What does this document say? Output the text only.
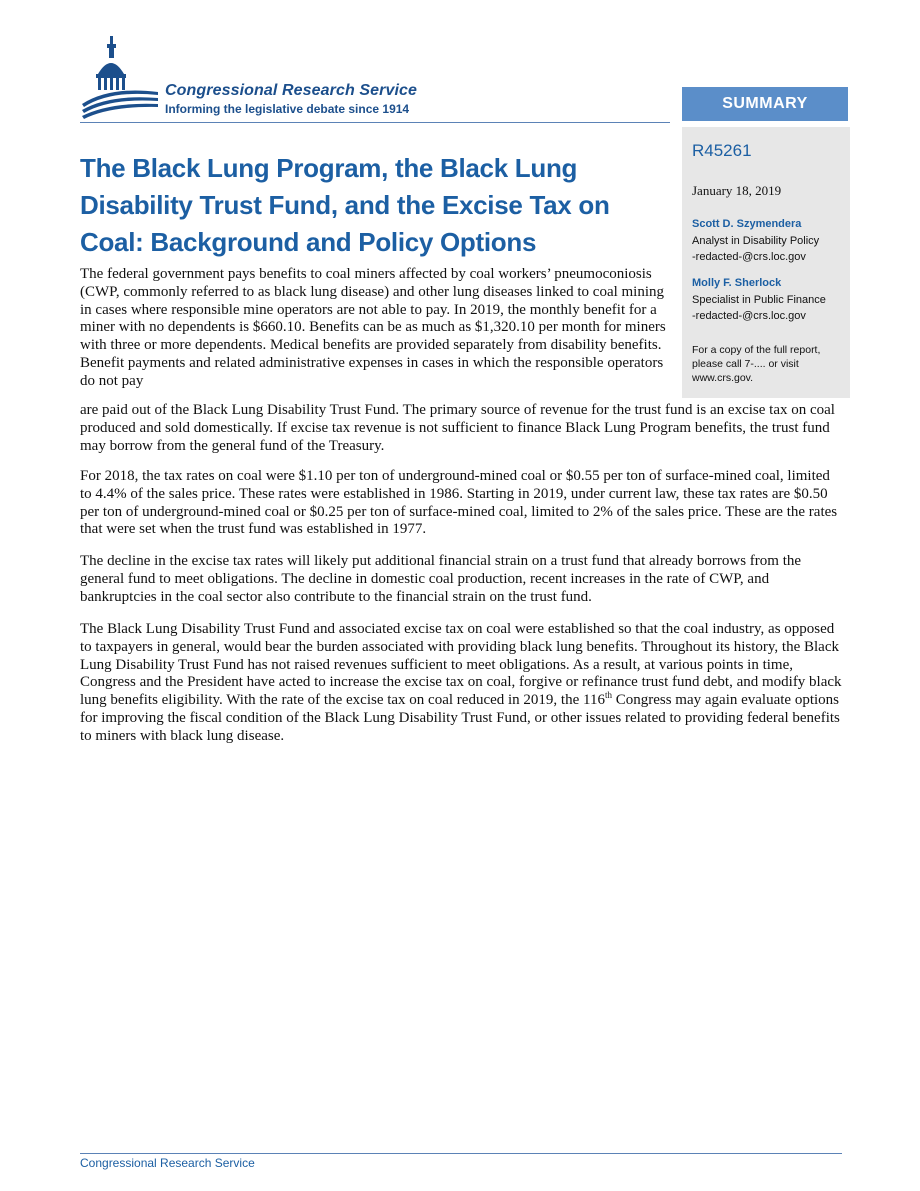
Congressional Research Service
Informing the legislative debate since 1914	SUMMARY
R45261
January 18, 2019
Scott D. Szymendera
Analyst in Disability Policy
-redacted-@crs.loc.gov
Molly F. Sherlock
Specialist in Public Finance
-redacted-@crs.loc.gov
For a copy of the full report, please call 7-.... or visit www.crs.gov.
The Black Lung Program, the Black Lung
Disability Trust Fund, and the Excise Tax on
Coal: Background and Policy Options
The federal government pays benefits to coal miners affected by coal workers’ pneumoconiosis (CWP, commonly referred to as black lung disease) and other lung diseases linked to coal mining in cases where responsible mine operators are not able to pay. In 2019, the monthly benefit for a miner with no dependents is $660.10. Benefits can be as much as $1,320.10 per month for miners with three or more dependents. Medical benefits are provided separately from disability benefits. Benefit payments and related administrative expenses in cases in which the responsible operators do not pay
are paid out of the Black Lung Disability Trust Fund. The primary source of revenue for the trust fund is an excise tax on coal produced and sold domestically. If excise tax revenue is not sufficient to finance Black Lung Program benefits, the trust fund may borrow from the general fund of the Treasury.
For 2018, the tax rates on coal were $1.10 per ton of underground-mined coal or $0.55 per ton of surface-mined coal, limited to 4.4% of the sales price. These rates were established in 1986. Starting in 2019, under current law, these tax rates are $0.50 per ton of underground-mined coal or $0.25 per ton of surface-mined coal, limited to 2% of the sales price. These are the rates that were set when the trust fund was established in 1977.
The decline in the excise tax rates will likely put additional financial strain on a trust fund that already borrows from the general fund to meet obligations. The decline in domestic coal production, recent increases in the rate of CWP, and bankruptcies in the coal sector also contribute to the financial strain on the trust fund.
The Black Lung Disability Trust Fund and associated excise tax on coal were established so that the coal industry, as opposed to taxpayers in general, would bear the burden associated with providing black lung benefits. Throughout its history, the Black Lung Disability Trust Fund has not raised revenues sufficient to meet obligations. As a result, at various points in time, Congress and the President have acted to increase the excise tax on coal, forgive or refinance trust fund debt, and modify black lung benefits eligibility. With the rate of the excise tax on coal reduced in 2019, the 116th Congress may again evaluate options for improving the fiscal condition of the Black Lung Disability Trust Fund, or other issues related to providing federal benefits to miners with black lung disease.
Congressional Research Service
